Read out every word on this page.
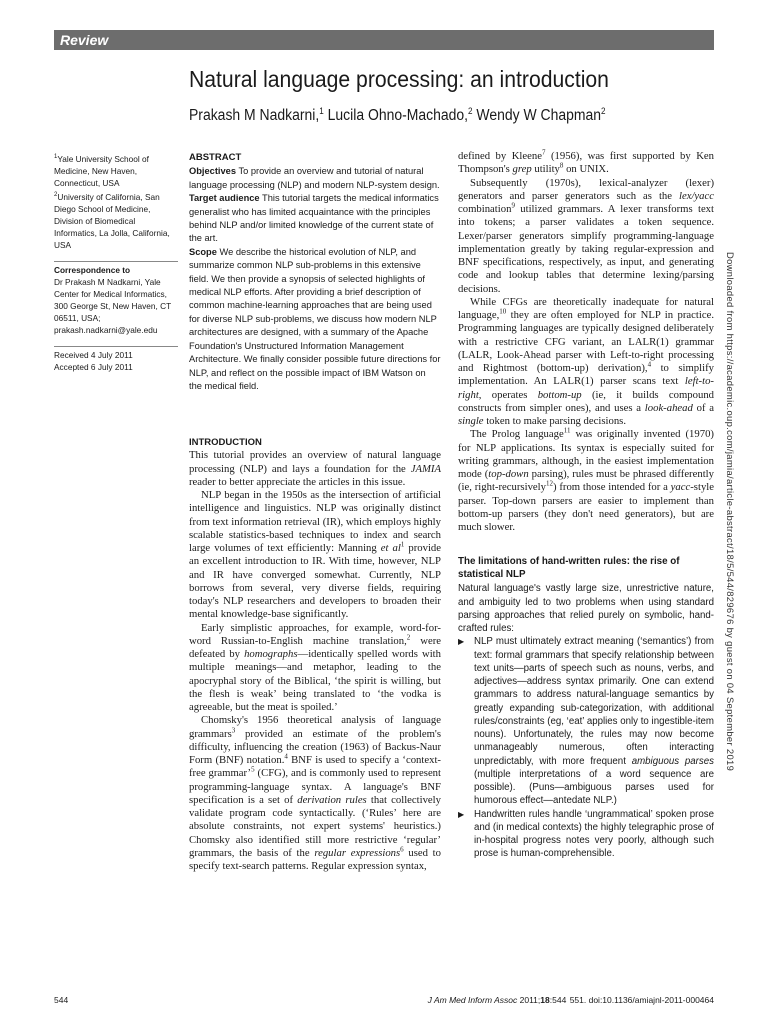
Review
Natural language processing: an introduction
Prakash M Nadkarni,$^1$ Lucila Ohno-Machado,$^2$ Wendy W Chapman$^2$

$^1$Yale University School of Medicine, New Haven, Connecticut, USA
$^2$University of California, San Diego School of Medicine, Division of Biomedical Informatics, La Jolla, California, USA

Correspondence to

Dr Prakash M Nadkarni, Yale Center for Medical Informatics, 300 George St, New Haven, CT 06511, USA; prakash.nadkarni@yale.edu

Received 4 July 2011
Accepted 6 July 2011
ABSTRACT

Objectives To provide an overview and tutorial of natural language processing (NLP) and modern NLP-system design.

Target audience This tutorial targets the medical informatics generalist who has limited acquaintance with the principles behind NLP and/or limited knowledge of the current state of the art.

Scope We describe the historical evolution of NLP, and summarize common NLP sub-problems in this extensive field. We then provide a synopsis of selected highlights of medical NLP efforts. After providing a brief description of common machine-learning approaches that are being used for diverse NLP sub-problems, we discuss how modern NLP architectures are designed, with a summary of the Apache Foundation's Unstructured Information Management Architecture. We finally consider possible future directions for NLP, and reflect on the possible impact of IBM Watson on the medical field.

INTRODUCTION

This tutorial provides an overview of natural language processing (NLP) and lays a foundation for the JAMIA reader to better appreciate the articles in this issue.

NLP began in the 1950s as the intersection of artificial intelligence and linguistics. NLP was originally distinct from text information retrieval (IR), which employs highly scalable statistics-based techniques to index and search large volumes of text efficiently: Manning et $al^1$ provide an excellent introduction to IR. With time, however, NLP and IR have converged somewhat. Currently, NLP borrows from several, very diverse fields, requiring today's NLP researchers and developers to broaden their mental knowledge-base significantly.

Early simplistic approaches, for example, word-for-word Russian-to-English machine translation,$^2$ were defeated by homographs—identically spelled words with multiple meanings—and metaphor, leading to the apocryphal story of the Biblical, ‘the spirit is willing, but the flesh is weak’ being translated to ‘the vodka is agreeable, but the meat is spoiled.’

Chomsky's 1956 theoretical analysis of language grammars$^3$ provided an estimate of the problem's difficulty, influencing the creation (1963) of Backus-Naur Form (BNF) notation.$^4$ BNF is used to specify a ‘context-free grammar’$^5$ (CFG), and is commonly used to represent programming-language syntax. A language's BNF specification is a set of derivation rules that collectively validate program code syntactically. (‘Rules’ here are absolute constraints, not expert systems' heuristics.) Chomsky also identified still more restrictive ‘regular’ grammars, the basis of the regular expressions$^6$ used to specify text-search patterns. Regular expression syntax,

defined by Kleene$^7$ (1956), was first supported by Ken Thompson's grep utility$^8$ on UNIX.

Subsequently (1970s), lexical-analyzer (lexer) generators and parser generators such as the lex/yacc combination$^9$ utilized grammars. A lexer transforms text into tokens; a parser validates a token sequence. Lexer/parser generators simplify programming-language implementation greatly by taking regular-expression and BNF specifications, respectively, as input, and generating code and lookup tables that determine lexing/parsing decisions.

While CFGs are theoretically inadequate for natural language,$^{10}$ they are often employed for NLP in practice. Programming languages are typically designed deliberately with a restrictive CFG variant, an LALR(1) grammar (LALR, Look-Ahead parser with Left-to-right processing and Rightmost (bottom-up) derivation),$^4$ to simplify implementation. An LALR(1) parser scans text left-to-right, operates bottom-up (ie, it builds compound constructs from simpler ones), and uses a look-ahead of a single token to make parsing decisions.

The Prolog language$^{11}$ was originally invented (1970) for NLP applications. Its syntax is especially suited for writing grammars, although, in the easiest implementation mode (top-down parsing), rules must be phrased differently (ie, right-recursively$^{12}$) from those intended for a yacc-style parser. Top-down parsers are easier to implement than bottom-up parsers (they don't need generators), but are much slower.

The limitations of hand-written rules: the rise of statistical NLP

Natural language's vastly large size, unrestrictive nature, and ambiguity led to two problems when using standard parsing approaches that relied purely on symbolic, hand-crafted rules:

▶ NLP must ultimately extract meaning (‘semantics’) from text: formal grammars that specify relationship between text units—parts of speech such as nouns, verbs, and adjectives—address syntax primarily. One can extend grammars to address natural-language semantics by greatly expanding sub-categorization, with additional rules/constraints (eg, ‘eat’ applies only to ingestible-item nouns). Unfortunately, the rules may now become unmanageably numerous, often interacting unpredictably, with more frequent ambiguous parses (multiple interpretations of a word sequence are possible). (Puns—ambiguous parses used for humorous effect—antedate NLP.)
▶ Handwritten rules handle ‘ungrammatical’ spoken prose and (in medical contexts) the highly telegraphic prose of in-hospital progress notes very poorly, although such prose is human-comprehensible.
Downloaded from https://academic.oup.com/jamia/article-abstract/18/5/544/829676 by guest on 04 September 2019
544	J Am Med Inform Assoc 2011;18:544  551. doi:10.1136/amiajnl-2011-000464
